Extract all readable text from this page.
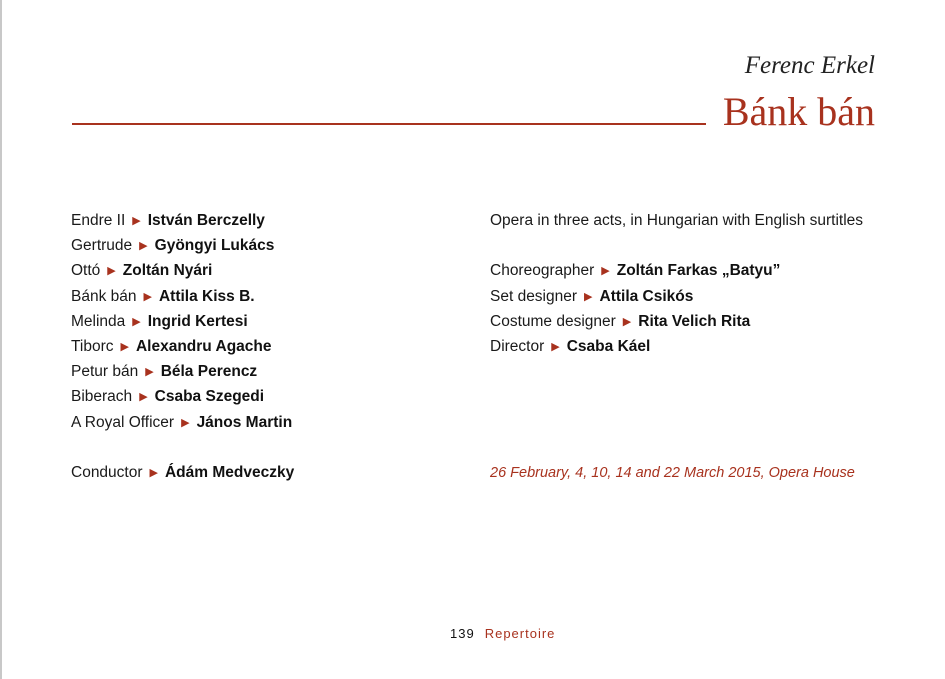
Ferenc Erkel
Bánk bán
Endre II ▶ István Berczelly
Gertrude ▶ Gyöngyi Lukács
Ottó ▶ Zoltán Nyári
Bánk bán ▶ Attila Kiss B.
Melinda ▶ Ingrid Kertesi
Tiborc ▶ Alexandru Agache
Petur bán ▶ Béla Perencz
Biberach ▶ Csaba Szegedi
A Royal Officer ▶ János Martin
Conductor ▶ Ádám Medveczky
Opera in three acts, in Hungarian with English surtitles
Choreographer ▶ Zoltán Farkas „Batyu”
Set designer ▶ Attila Csikós
Costume designer ▶ Rita Velich Rita
Director ▶ Csaba Káel
26 February, 4, 10, 14 and 22 March 2015, Opera House
139 Repertoire
